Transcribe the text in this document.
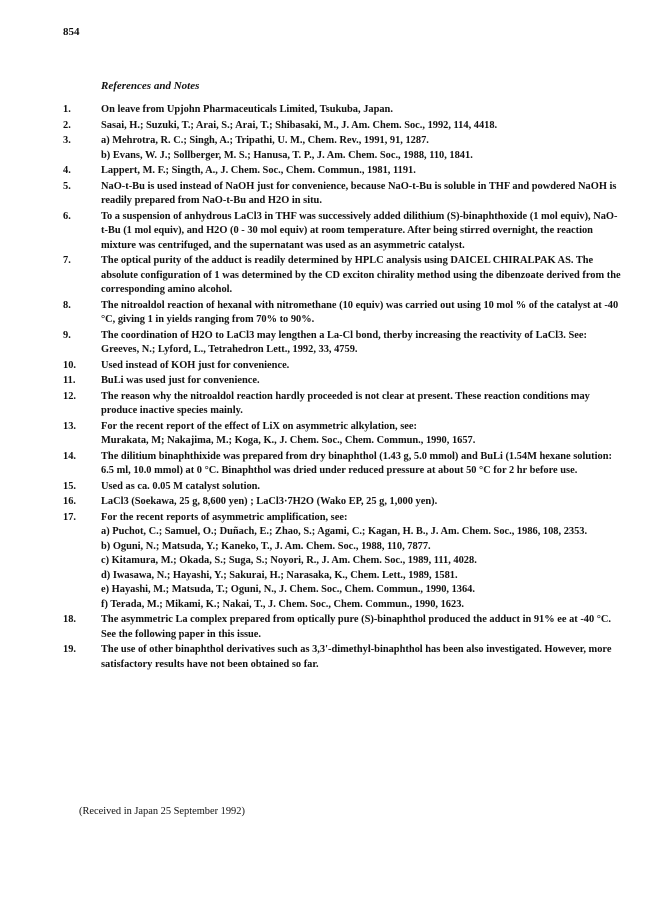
854
References and Notes
1.	On leave from Upjohn Pharmaceuticals Limited, Tsukuba, Japan.
2.	Sasai, H.; Suzuki, T.; Arai, S.; Arai, T.; Shibasaki, M., J. Am. Chem. Soc., 1992, 114, 4418.
3.	a) Mehrotra, R. C.; Singh, A.; Tripathi, U. M., Chem. Rev., 1991, 91, 1287.
b) Evans, W. J.; Sollberger, M. S.; Hanusa, T. P., J. Am. Chem. Soc., 1988, 110, 1841.
4.	Lappert, M. F.; Singth, A., J. Chem. Soc., Chem. Commun., 1981, 1191.
5.	NaO-t-Bu is used instead of NaOH just for convenience, because NaO-t-Bu is soluble in THF and powdered NaOH is readily prepared from NaO-t-Bu and H2O in situ.
6.	To a suspension of anhydrous LaCl3 in THF was successively added dilithium (S)-binaphthoxide (1 mol equiv), NaO-t-Bu (1 mol equiv), and H2O (0 - 30 mol equiv) at room temperature. After being stirred overnight, the reaction mixture was centrifuged, and the supernatant was used as an asymmetric catalyst.
7.	The optical purity of the adduct is readily determined by HPLC analysis using DAICEL CHIRALPAK AS. The absolute configuration of 1 was determined by the CD exciton chirality method using the dibenzoate derived from the corresponding amino alcohol.
8.	The nitroaldol reaction of hexanal with nitromethane (10 equiv) was carried out using 10 mol % of the catalyst at -40 °C, giving 1 in yields ranging from 70% to 90%.
9.	The coordination of H2O to LaCl3 may lengthen a La-Cl bond, therby increasing the reactivity of LaCl3. See: Greeves, N.; Lyford, L., Tetrahedron Lett., 1992, 33, 4759.
10.	Used instead of KOH just for convenience.
11.	BuLi was used just for convenience.
12.	The reason why the nitroaldol reaction hardly proceeded is not clear at present. These reaction conditions may produce inactive species mainly.
13.	For the recent report of the effect of LiX on asymmetric alkylation, see:
Murakata, M; Nakajima, M.; Koga, K., J. Chem. Soc., Chem. Commun., 1990, 1657.
14.	The dilitium binaphthixide was prepared from dry binaphthol (1.43 g, 5.0 mmol) and BuLi (1.54M hexane solution: 6.5 ml, 10.0 mmol) at 0 °C. Binaphthol was dried under reduced pressure at about 50 °C for 2 hr before use.
15.	Used as ca. 0.05 M catalyst solution.
16.	LaCl3 (Soekawa, 25 g, 8,600 yen) ; LaCl3·7H2O (Wako EP, 25 g, 1,000 yen).
17.	For the recent reports of asymmetric amplification, see:
a) Puchot, C.; Samuel, O.; Duñach, E.; Zhao, S.; Agami, C.; Kagan, H. B., J. Am. Chem. Soc., 1986, 108, 2353.
b) Oguni, N.; Matsuda, Y.; Kaneko, T., J. Am. Chem. Soc., 1988, 110, 7877.
c) Kitamura, M.; Okada, S.; Suga, S.; Noyori, R., J. Am. Chem. Soc., 1989, 111, 4028.
d) Iwasawa, N.; Hayashi, Y.; Sakurai, H.; Narasaka, K., Chem. Lett., 1989, 1581.
e) Hayashi, M.; Matsuda, T.; Oguni, N., J. Chem. Soc., Chem. Commun., 1990, 1364.
f) Terada, M.; Mikami, K.; Nakai, T., J. Chem. Soc., Chem. Commun., 1990, 1623.
18.	The asymmetric La complex prepared from optically pure (S)-binaphthol produced the adduct in 91% ee at -40 °C. See the following paper in this issue.
19.	The use of other binaphthol derivatives such as 3,3'-dimethyl-binaphthol has been also investigated. However, more satisfactory results have not been obtained so far.
(Received in Japan 25 September 1992)
